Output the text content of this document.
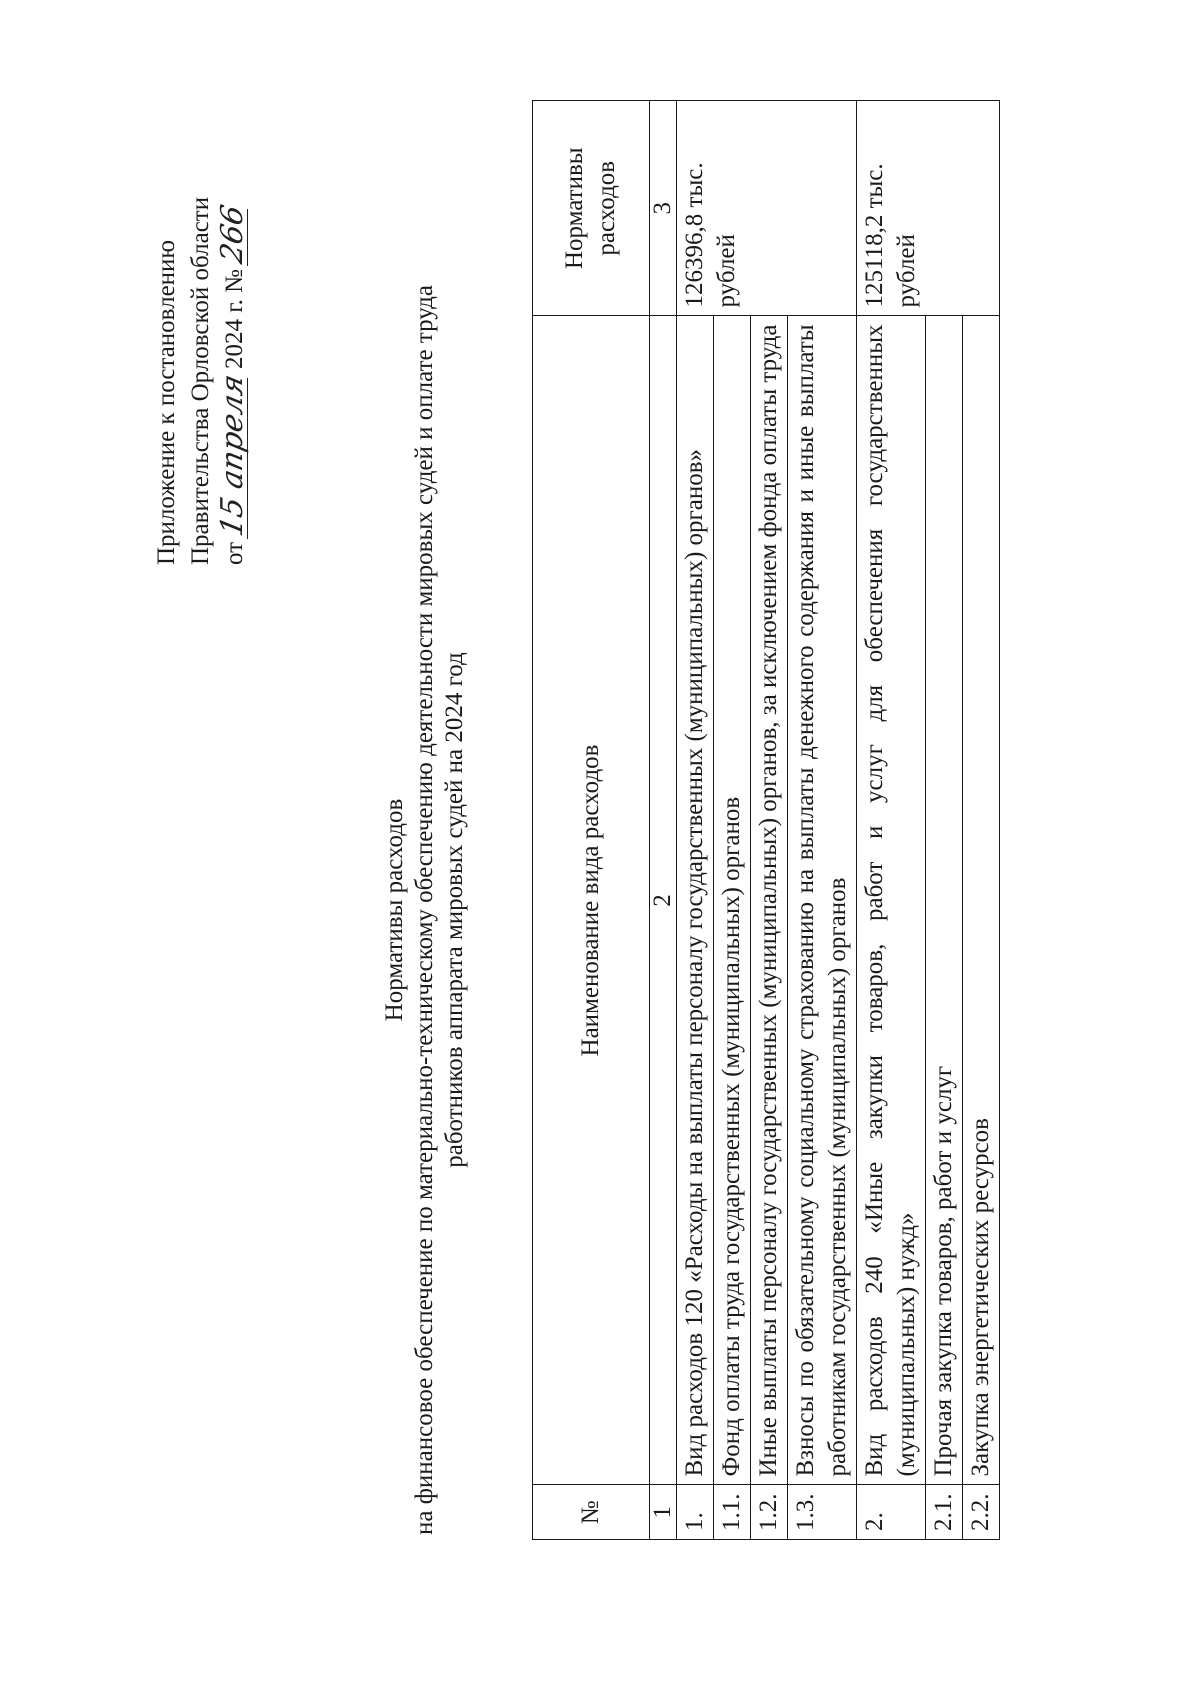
Приложение к постановлению Правительства Орловской области от15 апреля2024 г. №266
Нормативы расходов на финансовое обеспечение по материально-техническому обеспечению деятельности мировых судей и оплате труда работников аппарата мировых судей на 2024 год
№	Наименование вида расходов	Нормативы расходов
1	2	3
1.	Вид расходов 120 «Расходы на выплаты персоналу государственных (муниципальных) органов»	126396,8 тыс. рублей
1.1.	Фонд оплаты труда государственных (муниципальных) органов	
1.2.	Иные выплаты персоналу государственных (муниципальных) органов, за исключением фонда оплаты труда	
1.3.	Взносы по обязательному социальному страхованию на выплаты денежного содержания и иные выплаты работникам государственных (муниципальных) органов	
2.	Вид расходов 240 «Иные закупки товаров, работ и услуг для обеспечения государственных (муниципальных) нужд»	125118,2 тыс. рублей
2.1.	Прочая закупка товаров, работ и услуг	
2.2.	Закупка энергетических ресурсов	
